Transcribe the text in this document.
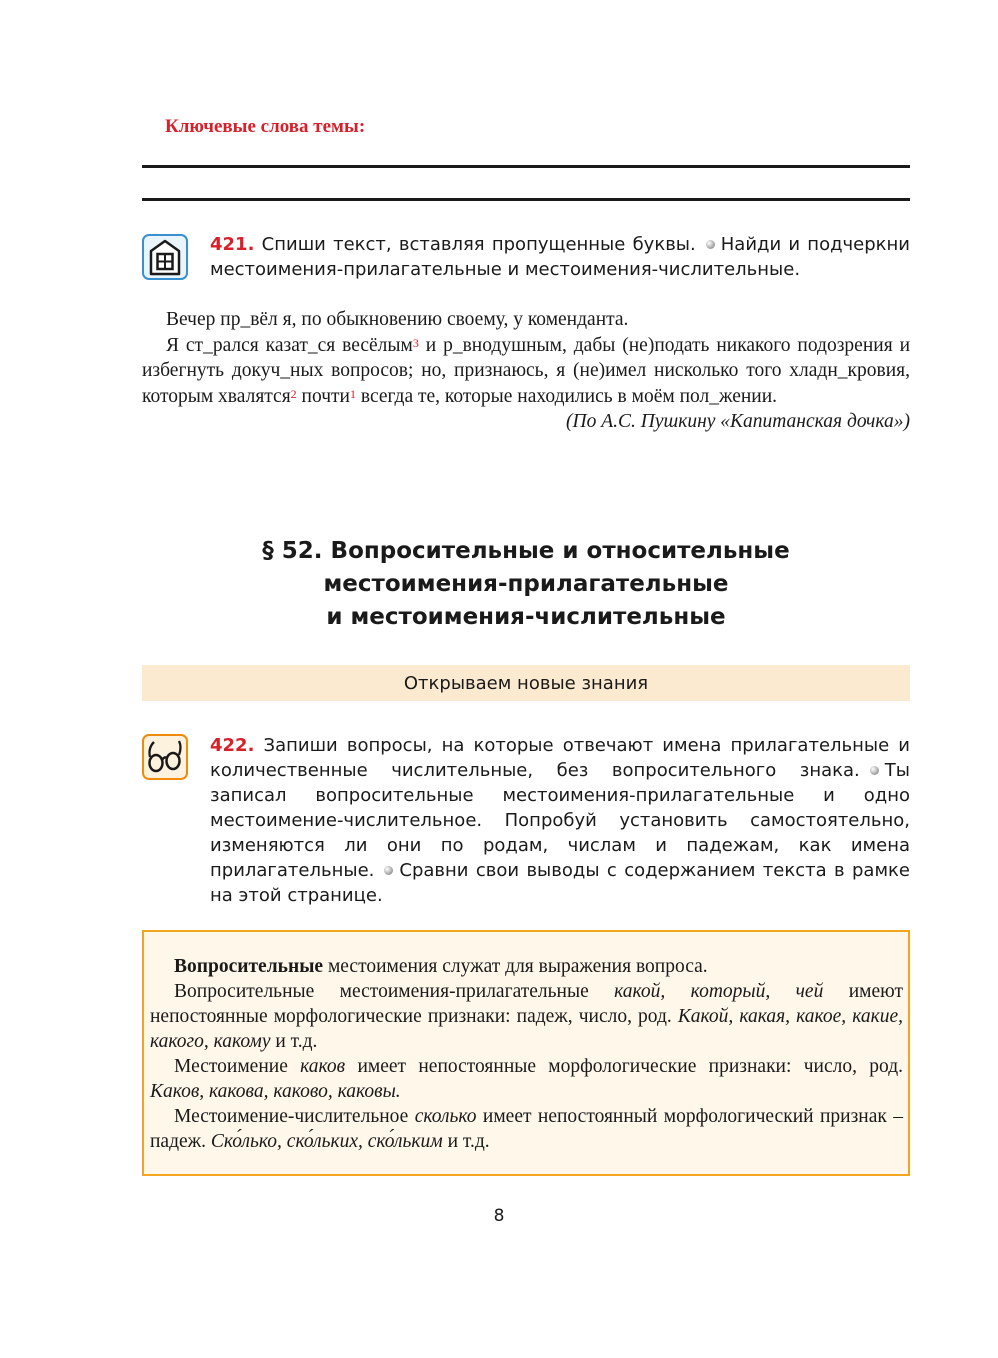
Ключевые слова темы:
421. Спиши текст, вставляя пропущенные буквы. Найди и подчеркни местоимения-прилагательные и местоимения-числительные.

Вечер пр_вёл я, по обыкновению своему, у коменданта.

Я ст_рался казат_ся весёлым$^3$ и р_внодушным, дабы (не)подать никакого подозрения и избегнуть докуч_ных вопросов; но, признаюсь, я (не)имел нисколько того хладн_кровия, которым хвалятся$^2$ почти$^1$ всегда те, которые находились в моём пол_жении.

(По А.С. Пушкину «Капитанская дочка»)
§ 52. Вопросительные и относительные
местоимения-прилагательные
и местоимения-числительные
Открываем новые знания
422. Запиши вопросы, на которые отвечают имена прилагательные и количественные числительные, без вопросительного знака. Ты записал вопросительные местоимения-прилагательные и одно местоимение-числительное. Попробуй установить самостоятельно, изменяются ли они по родам, числам и падежам, как имена прилагательные. Сравни свои выводы с содержанием текста в рамке на этой странице.

Вопросительные местоимения служат для выражения вопроса.

Вопросительные местоимения-прилагательные какой, который, чей имеют непостоянные морфологические признаки: падеж, число, род. Какой, какая, какое, какие, какого, какому и т.д.

Местоимение каков имеет непостоянные морфологические признаки: число, род. Каков, какова, каково, каковы.

Местоимение-числительное сколько имеет непостоянный морфологический признак – падеж. Ско́лько, ско́льких, ско́льким и т.д.

8
